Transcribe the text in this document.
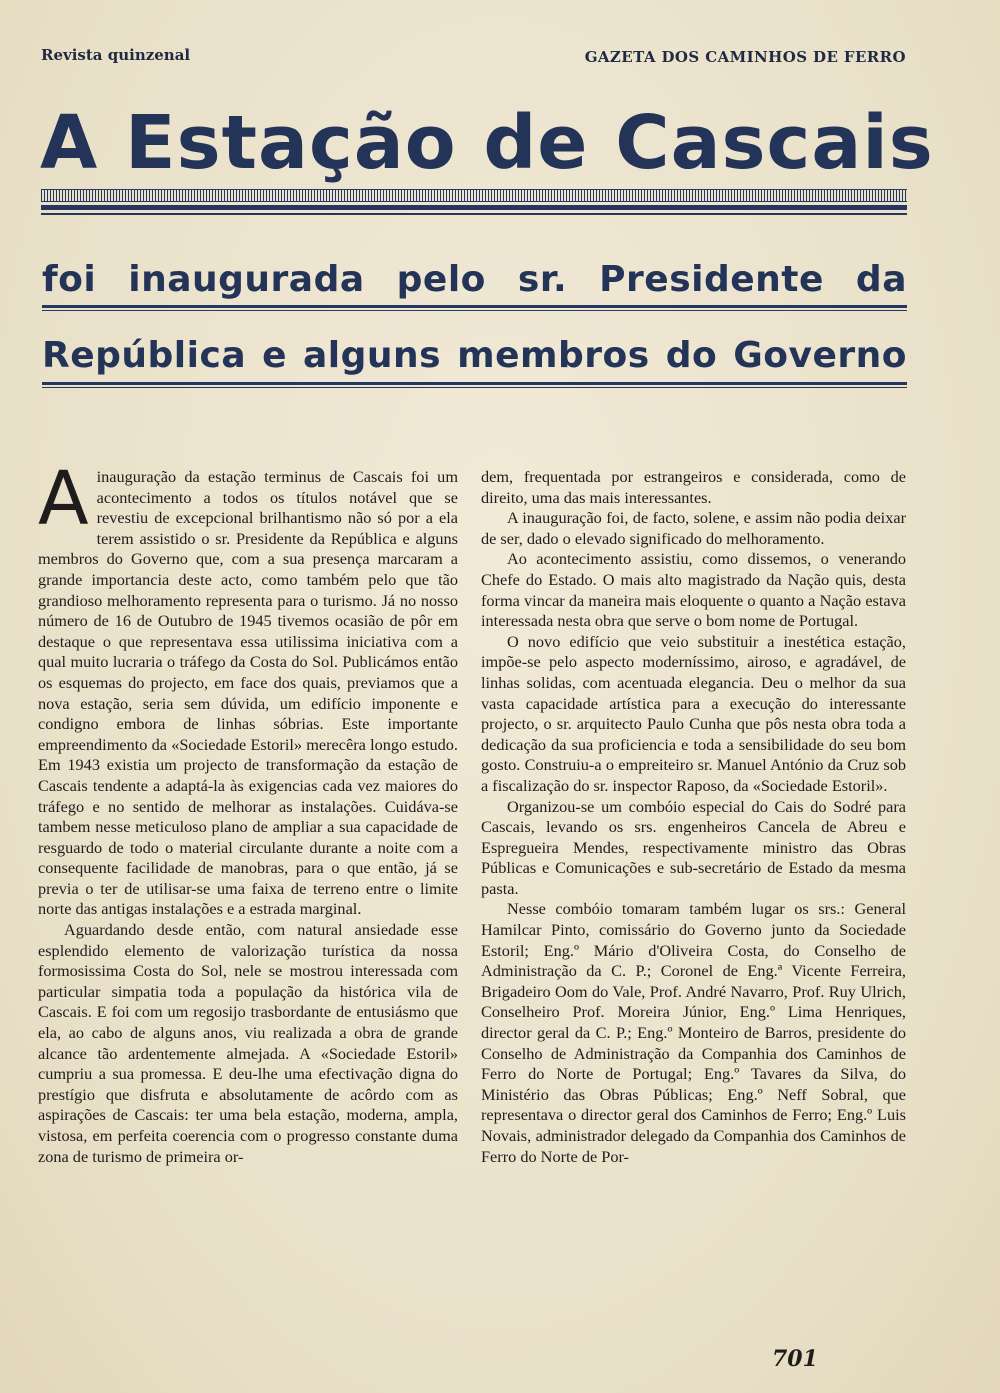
Revista quinzenal	GAZETA DOS CAMINHOS DE FERRO
A Estação de Cascais
foi inaugurada pelo sr. Presidente da
República e alguns membros do Governo

Ainauguração da estação terminus de Cascais foi um acontecimento a todos os títulos notável que se revestiu de excepcional brilhantismo não só por a ela terem assistido o sr. Presidente da República e alguns membros do Governo que, com a sua presença marcaram a grande importancia deste acto, como também pelo que tão grandioso melhoramento representa para o turismo. Já no nosso número de 16 de Outubro de 1945 tivemos ocasião de pôr em destaque o que representava essa utilissima iniciativa com a qual muito lucraria o tráfego da Costa do Sol. Publicámos então os esquemas do projecto, em face dos quais, previamos que a nova estação, seria sem dúvida, um edifício imponente e condigno embora de linhas sóbrias. Este importante empreendimento da «Sociedade Estoril» merecêra longo estudo. Em 1943 existia um projecto de transformação da estação de Cascais tendente a adaptá-la às exigencias cada vez maiores do tráfego e no sentido de melhorar as instalações. Cuidáva-se tambem nesse meticuloso plano de ampliar a sua capacidade de resguardo de todo o material circulante durante a noite com a consequente facilidade de manobras, para o que então, já se previa o ter de utilisar-se uma faixa de terreno entre o limite norte das antigas instalações e a estrada marginal.

Aguardando desde então, com natural ansiedade esse esplendido elemento de valorização turística da nossa formosissima Costa do Sol, nele se mostrou interessada com particular simpatia toda a população da histórica vila de Cascais. E foi com um regosijo trasbordante de entusiásmo que ela, ao cabo de alguns anos, viu realizada a obra de grande alcance tão ardentemente almejada. A «Sociedade Estoril» cumpriu a sua promessa. E deu-lhe uma efectivação digna do prestígio que disfruta e absolutamente de acôrdo com as aspirações de Cascais: ter uma bela estação, moderna, ampla, vistosa, em perfeita coerencia com o progresso constante duma zona de turismo de primeira or-

dem, frequentada por estrangeiros e considerada, como de direito, uma das mais interessantes.

A inauguração foi, de facto, solene, e assim não podia deixar de ser, dado o elevado significado do melhoramento.

Ao acontecimento assistiu, como dissemos, o venerando Chefe do Estado. O mais alto magistrado da Nação quis, desta forma vincar da maneira mais eloquente o quanto a Nação estava interessada nesta obra que serve o bom nome de Portugal.

O novo edifício que veio substituir a inestética estação, impõe-se pelo aspecto moderníssimo, airoso, e agradável, de linhas solidas, com acentuada elegancia. Deu o melhor da sua vasta capacidade artística para a execução do interessante projecto, o sr. arquitecto Paulo Cunha que pôs nesta obra toda a dedicação da sua proficiencia e toda a sensibilidade do seu bom gosto. Construiu-a o empreiteiro sr. Manuel António da Cruz sob a fiscalização do sr. inspector Raposo, da «Sociedade Estoril».

Organizou-se um combóio especial do Cais do Sodré para Cascais, levando os srs. engenheiros Cancela de Abreu e Espregueira Mendes, respectivamente ministro das Obras Públicas e Comunicações e sub-secretário de Estado da mesma pasta.

Nesse combóio tomaram também lugar os srs.: General Hamilcar Pinto, comissário do Governo junto da Sociedade Estoril; Eng.º Mário d'Oliveira Costa, do Conselho de Administração da C. P.; Coronel de Eng.ª Vicente Ferreira, Brigadeiro Oom do Vale, Prof. André Navarro, Prof. Ruy Ulrich, Conselheiro Prof. Moreira Júnior, Eng.º Lima Henriques, director geral da C. P.; Eng.º Monteiro de Barros, presidente do Conselho de Administração da Companhia dos Caminhos de Ferro do Norte de Portugal; Eng.º Tavares da Silva, do Ministério das Obras Públicas; Eng.º Neff Sobral, que representava o director geral dos Caminhos de Ferro; Eng.º Luis Novais, administrador delegado da Companhia dos Caminhos de Ferro do Norte de Por-

701
